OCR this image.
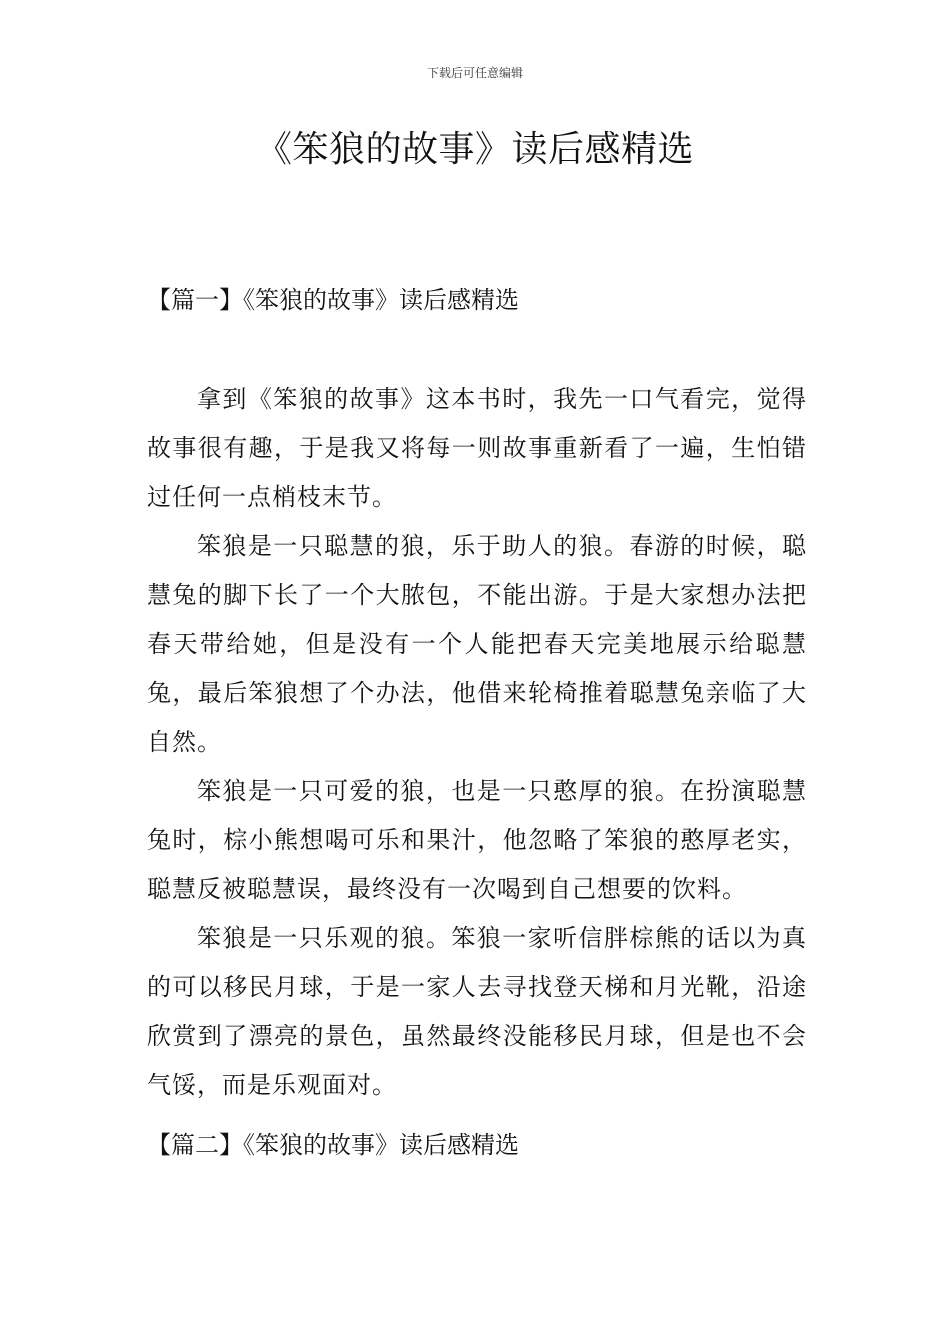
下载后可任意编辑
《笨狼的故事》读后感精选
【篇一】《笨狼的故事》读后感精选

拿到《笨狼的故事》这本书时，我先一口气看完，觉得故事很有趣，于是我又将每一则故事重新看了一遍，生怕错过任何一点梢枝末节。

笨狼是一只聪慧的狼，乐于助人的狼。春游的时候，聪慧兔的脚下长了一个大脓包，不能出游。于是大家想办法把春天带给她，但是没有一个人能把春天完美地展示给聪慧兔，最后笨狼想了个办法，他借来轮椅推着聪慧兔亲临了大自然。

笨狼是一只可爱的狼，也是一只憨厚的狼。在扮演聪慧兔时，棕小熊想喝可乐和果汁，他忽略了笨狼的憨厚老实，聪慧反被聪慧误，最终没有一次喝到自己想要的饮料。

笨狼是一只乐观的狼。笨狼一家听信胖棕熊的话以为真的可以移民月球，于是一家人去寻找登天梯和月光靴，沿途欣赏到了漂亮的景色，虽然最终没能移民月球，但是也不会气馁，而是乐观面对。

【篇二】《笨狼的故事》读后感精选
